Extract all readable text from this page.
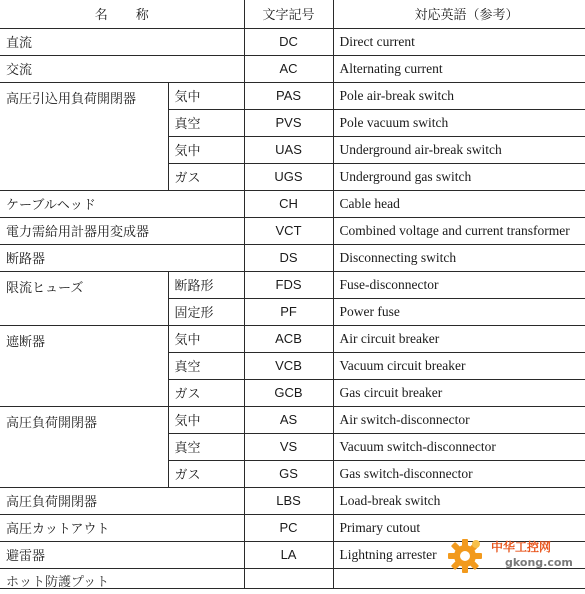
名称		文字記号	対応英語（参考）
直流		DC	Direct current
交流		AC	Alternating current
高圧引込用負荷開閉器	気中	PAS	Pole air-break switch
	真空	PVS	Pole vacuum switch
	気中	UAS	Underground air-break switch
	ガス	UGS	Underground gas switch
ケーブルヘッド		CH	Cable head
電力需給用計器用変成器		VCT	Combined voltage and current transformer
断路器		DS	Disconnecting switch
限流ヒューズ	断路形	FDS	Fuse-disconnector
	固定形	PF	Power fuse
遮断器	気中	ACB	Air circuit breaker
	真空	VCB	Vacuum circuit breaker
	ガス	GCB	Gas circuit breaker
高圧負荷開閉器	気中	AS	Air switch-disconnector
	真空	VS	Vacuum switch-disconnector
	ガス	GS	Gas switch-disconnector
高圧負荷開閉器		LBS	Load-break switch
高圧カットアウト		PC	Primary cutout
避雷器		LA	Lightning arrester
ホット防護プット			
中华工控网
gkong.com
